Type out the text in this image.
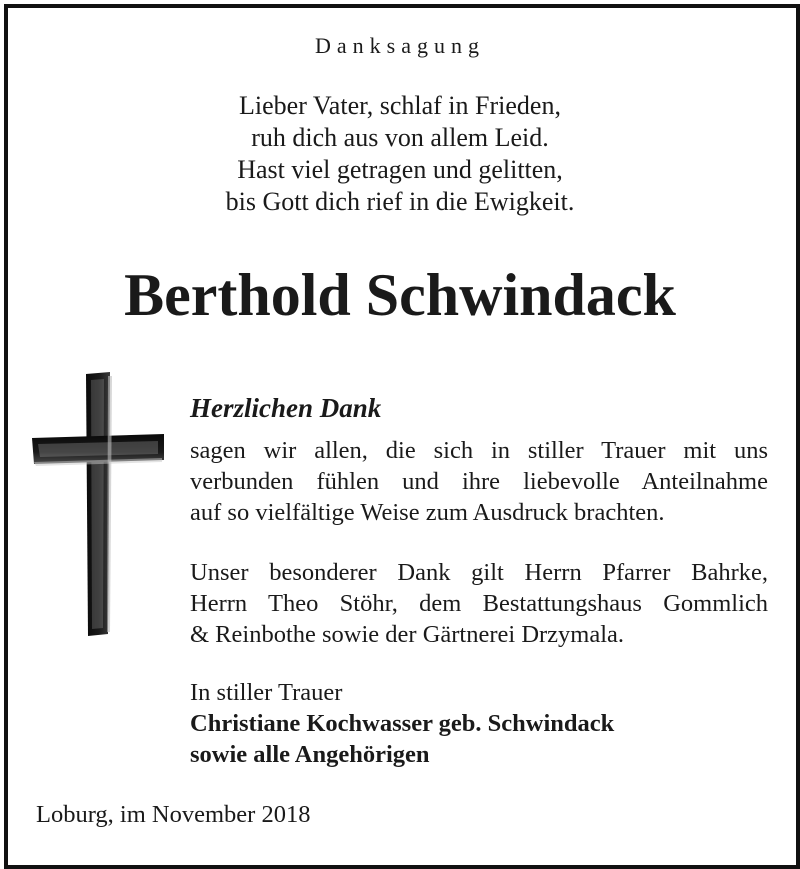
Danksagung
Lieber Vater, schlaf in Frieden,
ruh dich aus von allem Leid.
Hast viel getragen und gelitten,
bis Gott dich rief in die Ewigkeit.
Berthold Schwindack
Herzlichen Dank
sagen wir allen, die sich in stiller Trauer mit uns
verbunden fühlen und ihre liebevolle Anteilnahme
auf so vielfältige Weise zum Ausdruck brachten.
Unser besonderer Dank gilt Herrn Pfarrer Bahrke,
Herrn Theo Stöhr, dem Bestattungshaus Gommlich
& Reinbothe sowie der Gärtnerei Drzymala.
In stiller Trauer
Christiane Kochwasser geb. Schwindack
sowie alle Angehörigen
Loburg, im November 2018
